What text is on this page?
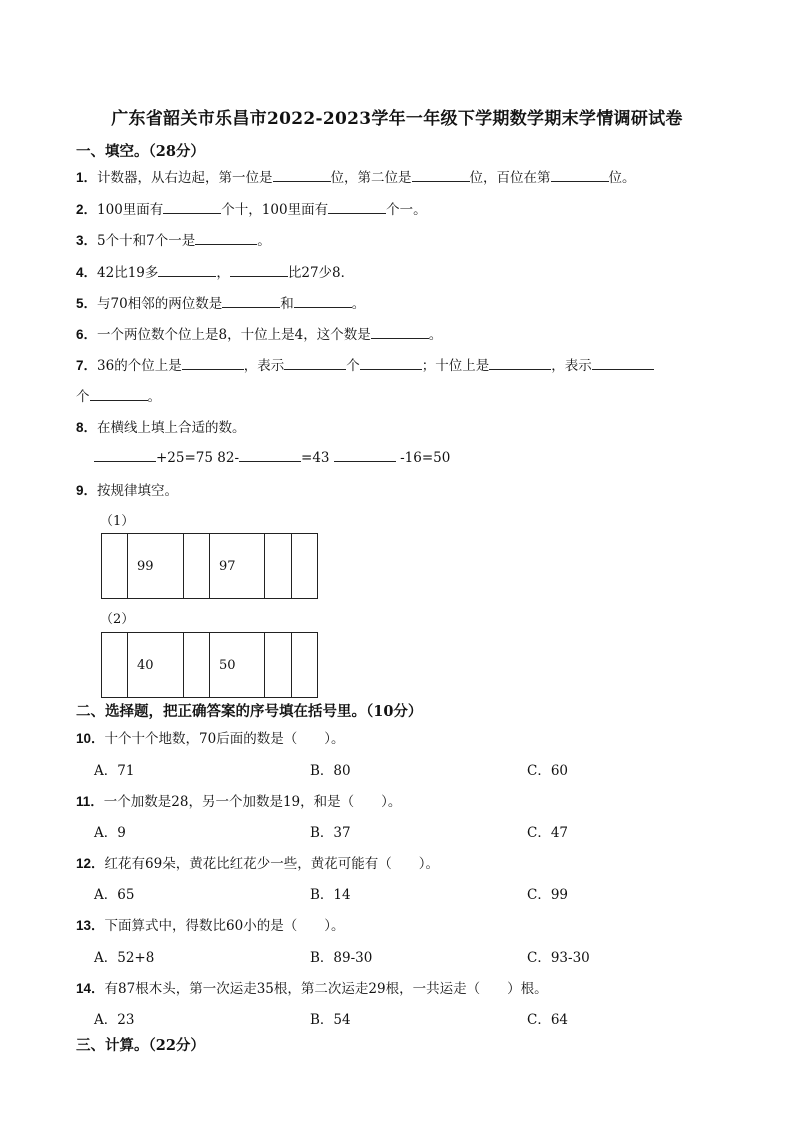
广东省韶关市乐昌市2022-2023学年一年级下学期数学期末学情调研试卷
一、填空。（28分）
1．计数器，从右边起，第一位是	位，第二位是	位，百位在第	位。
2．100里面有	个十，100里面有	个一。
3．5个十和7个一是	。
4．42比19多	，	比27少8．
5．与70相邻的两位数是	和	。
6．一个两位数个位上是8，十位上是4，这个数是	。
7．36的个位上是	，表示	个	；十位上是	，表示
个	。
8．在横线上填上合适的数。
+25=75 82-	=43	-16=50
9．按规律填空。
（1）
	99		97		
（2）
	40		50		
二、选择题，把正确答案的序号填在括号里。（10分）
10．十个十个地数，70后面的数是（　　）。
A．71	B．80	C．60
11．一个加数是28，另一个加数是19，和是（　　）。
A．9	B．37	C．47
12．红花有69朵，黄花比红花少一些，黄花可能有（　　）。
A．65	B．14	C．99
13．下面算式中，得数比60小的是（　　）。
A．52+8	B．89-30	C．93-30
14．有87根木头，第一次运走35根，第二次运走29根，一共运走（　　）根。
A．23	B．54	C．64
三、计算。（22分）
